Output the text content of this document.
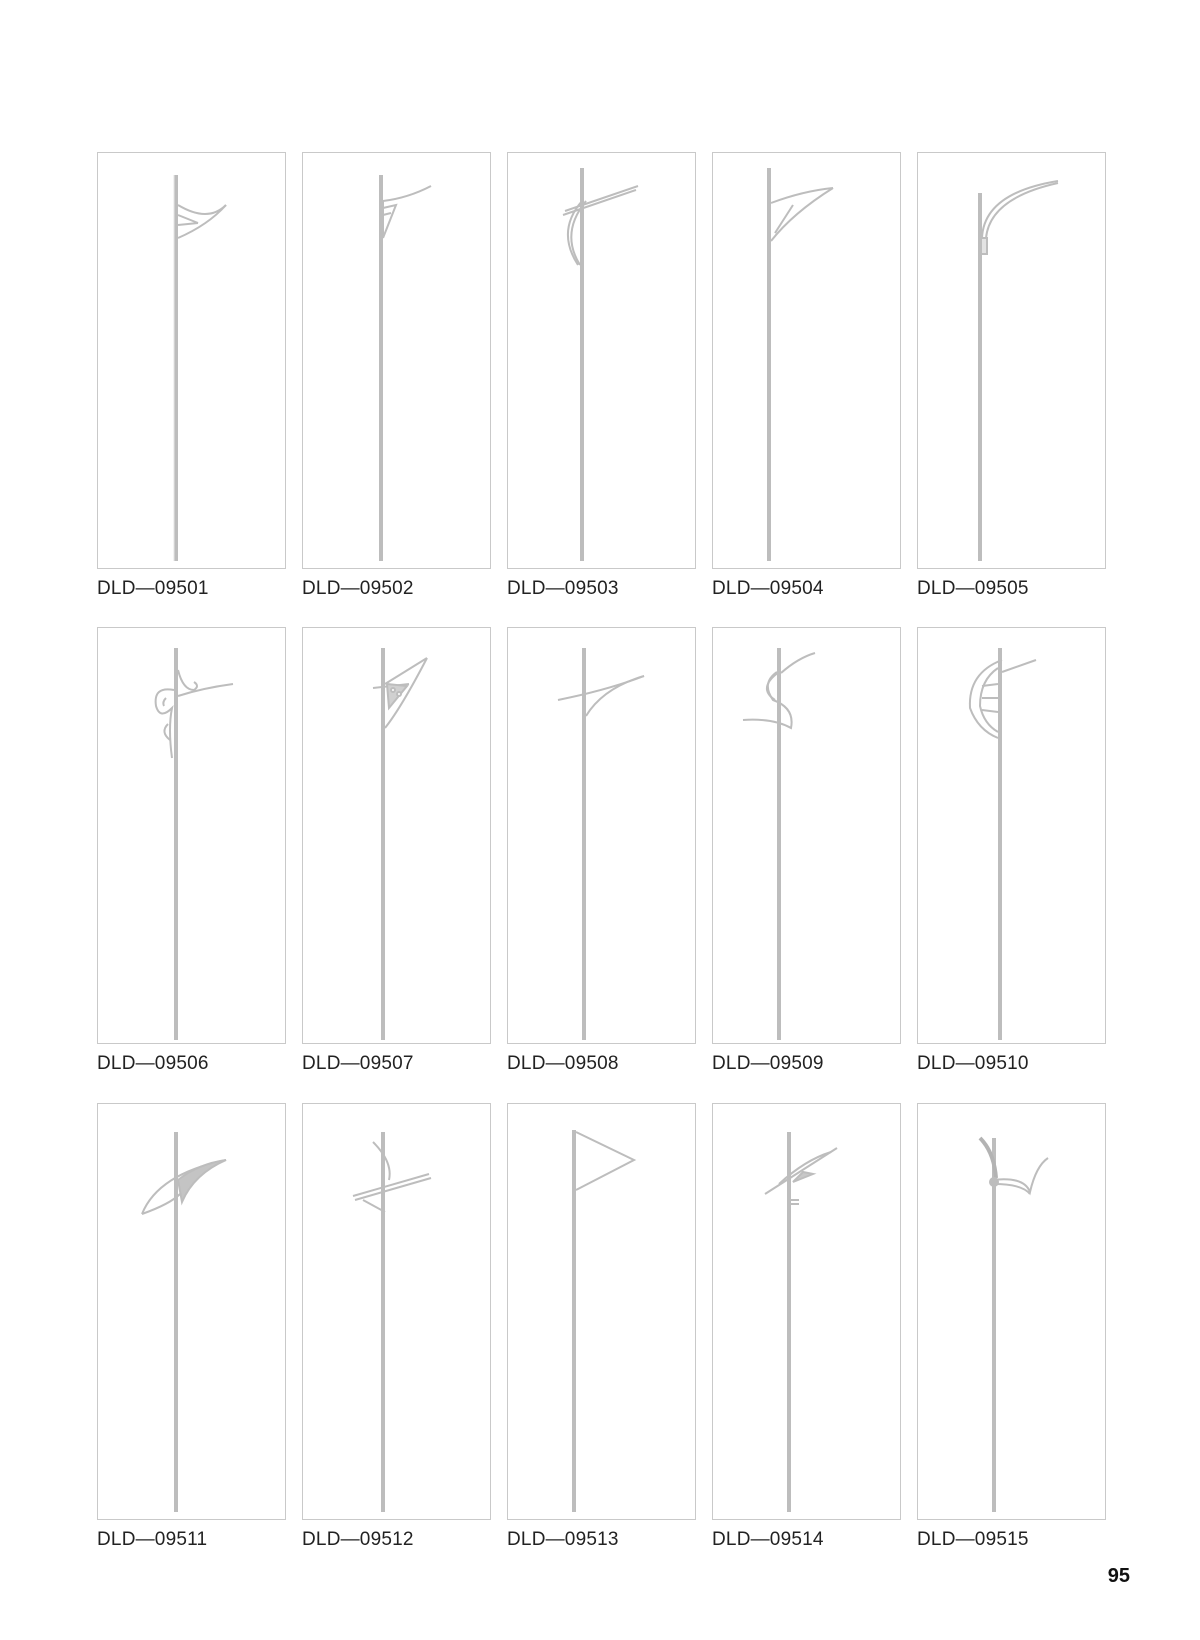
DLD—09501	DLD—09502	DLD—09503	DLD—09504	DLD—09505
DLD—09506	DLD—09507	DLD—09508	DLD—09509	DLD—09510
DLD—09511	DLD—09512	DLD—09513	DLD—09514	DLD—09515
95
